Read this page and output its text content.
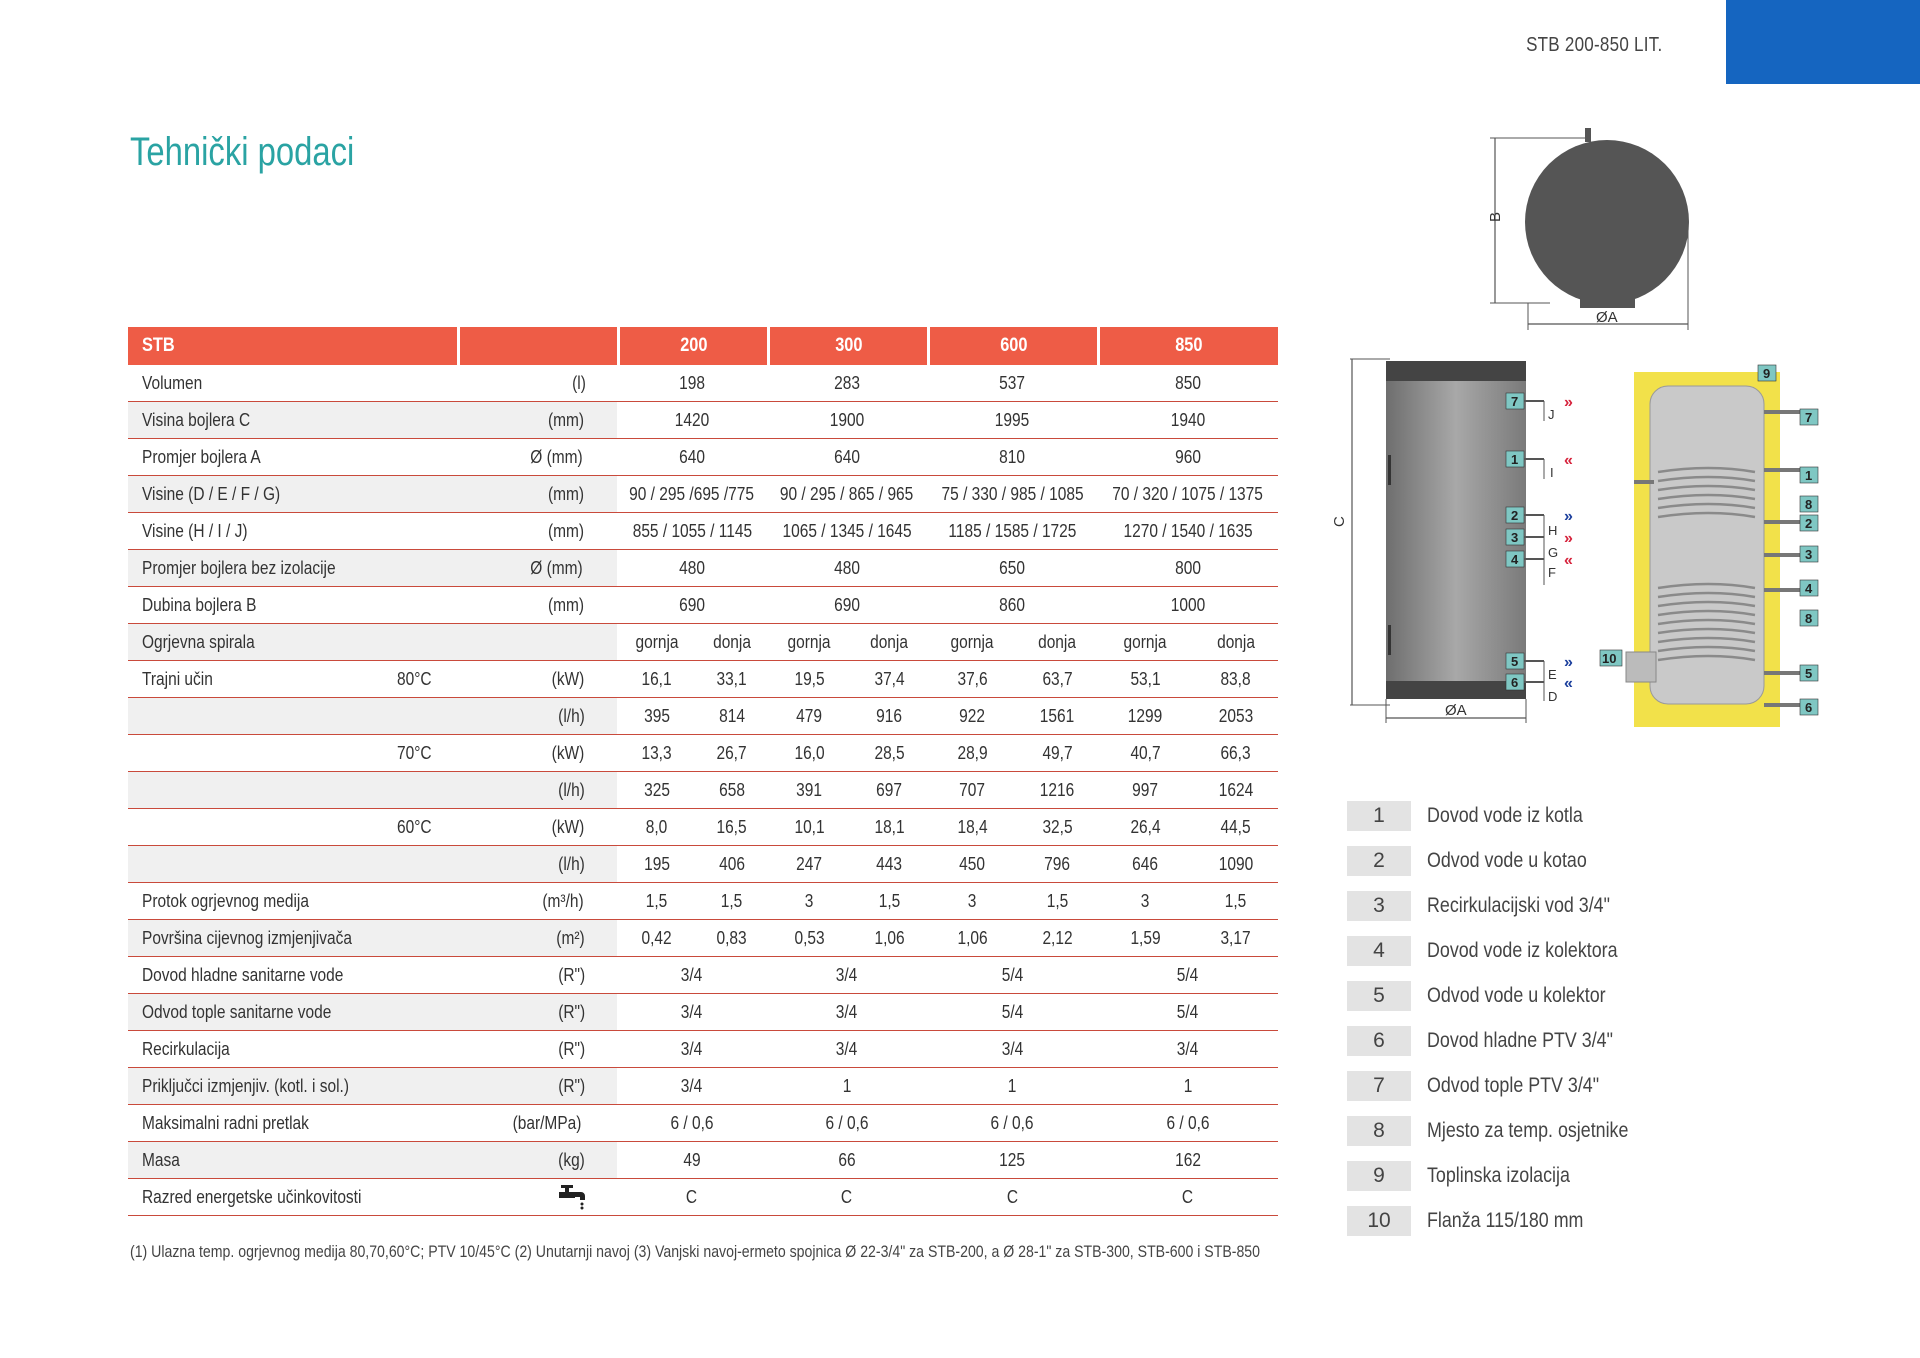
STB 200-850 LIT.
Tehnički podaci
STB			200		300		600		850	
Volumen		(l)	198		283		537		850	
Visina bojlera C		(mm)	1420		1900		1995		1940	
Promjer bojlera A		Ø (mm)	640		640		810		960	
Visine (D / E / F / G)		(mm)	90 / 295 /695 /775		90 / 295 / 865 / 965		75 / 330 / 985 / 1085		70 / 320 / 1075 / 1375	
Visine (H / I / J)		(mm)	855 / 1055 / 1145		1065 / 1345 / 1645		1185 / 1585 / 1725		1270 / 1540 / 1635	
Promjer bojlera bez izolacije		Ø (mm)	480		480		650		800	
Dubina bojlera B		(mm)	690		690		860		1000	
Ogrjevna spirala			gornja	donja	gornja	donja	gornja	donja	gornja	donja
Trajni učin	80°C	(kW)	16,1	33,1	19,5	37,4	37,6	63,7	53,1	83,8
		(l/h)	395	814	479	916	922	1561	1299	2053
	70°C	(kW)	13,3	26,7	16,0	28,5	28,9	49,7	40,7	66,3
		(l/h)	325	658	391	697	707	1216	997	1624
	60°C	(kW)	8,0	16,5	10,1	18,1	18,4	32,5	26,4	44,5
		(l/h)	195	406	247	443	450	796	646	1090
Protok ogrjevnog medija		(m³/h)	1,5	1,5	3	1,5	3	1,5	3	1,5
Površina cijevnog izmjenjivača		(m²)	0,42	0,83	0,53	1,06	1,06	2,12	1,59	3,17
Dovod hladne sanitarne vode		(R")	3/4		3/4		5/4		5/4	
Odvod tople sanitarne vode		(R")	3/4		3/4		5/4		5/4	
Recirkulacija		(R")	3/4		3/4		3/4		3/4	
Priključci izmjenjiv. (kotl. i sol.)		(R")	3/4		1		1		1	
Maksimalni radni pretlak		(bar/MPa)	6 / 0,6		6 / 0,6		6 / 0,6		6 / 0,6	
Masa		(kg)	49		66		125		162	
Razred energetske učinkovitosti			C		C		C		C	
(1) Ulazna temp. ogrjevnog medija 80,70,60°C; PTV 10/45°C (2) Unutarnji navoj (3) Vanjski navoj-ermeto spojnica Ø 22-3/4" za STB-200, a Ø 28-1" za STB-300, STB-600 i STB-850
B
ØA
C
ØA
7	»
1	«
2	»
3	»
4	«
5	»
6	«
J
I
H
G
F
E
D
9
7
1
8
2
3
4
8
5
6
10
1	Dovod vode iz kotla
2	Odvod vode u kotao
3	Recirkulacijski vod 3/4"
4	Dovod vode iz kolektora
5	Odvod vode u kolektor
6	Dovod hladne PTV 3/4"
7	Odvod tople PTV 3/4"
8	Mjesto za temp. osjetnike
9	Toplinska izolacija
10	Flanža 115/180 mm
